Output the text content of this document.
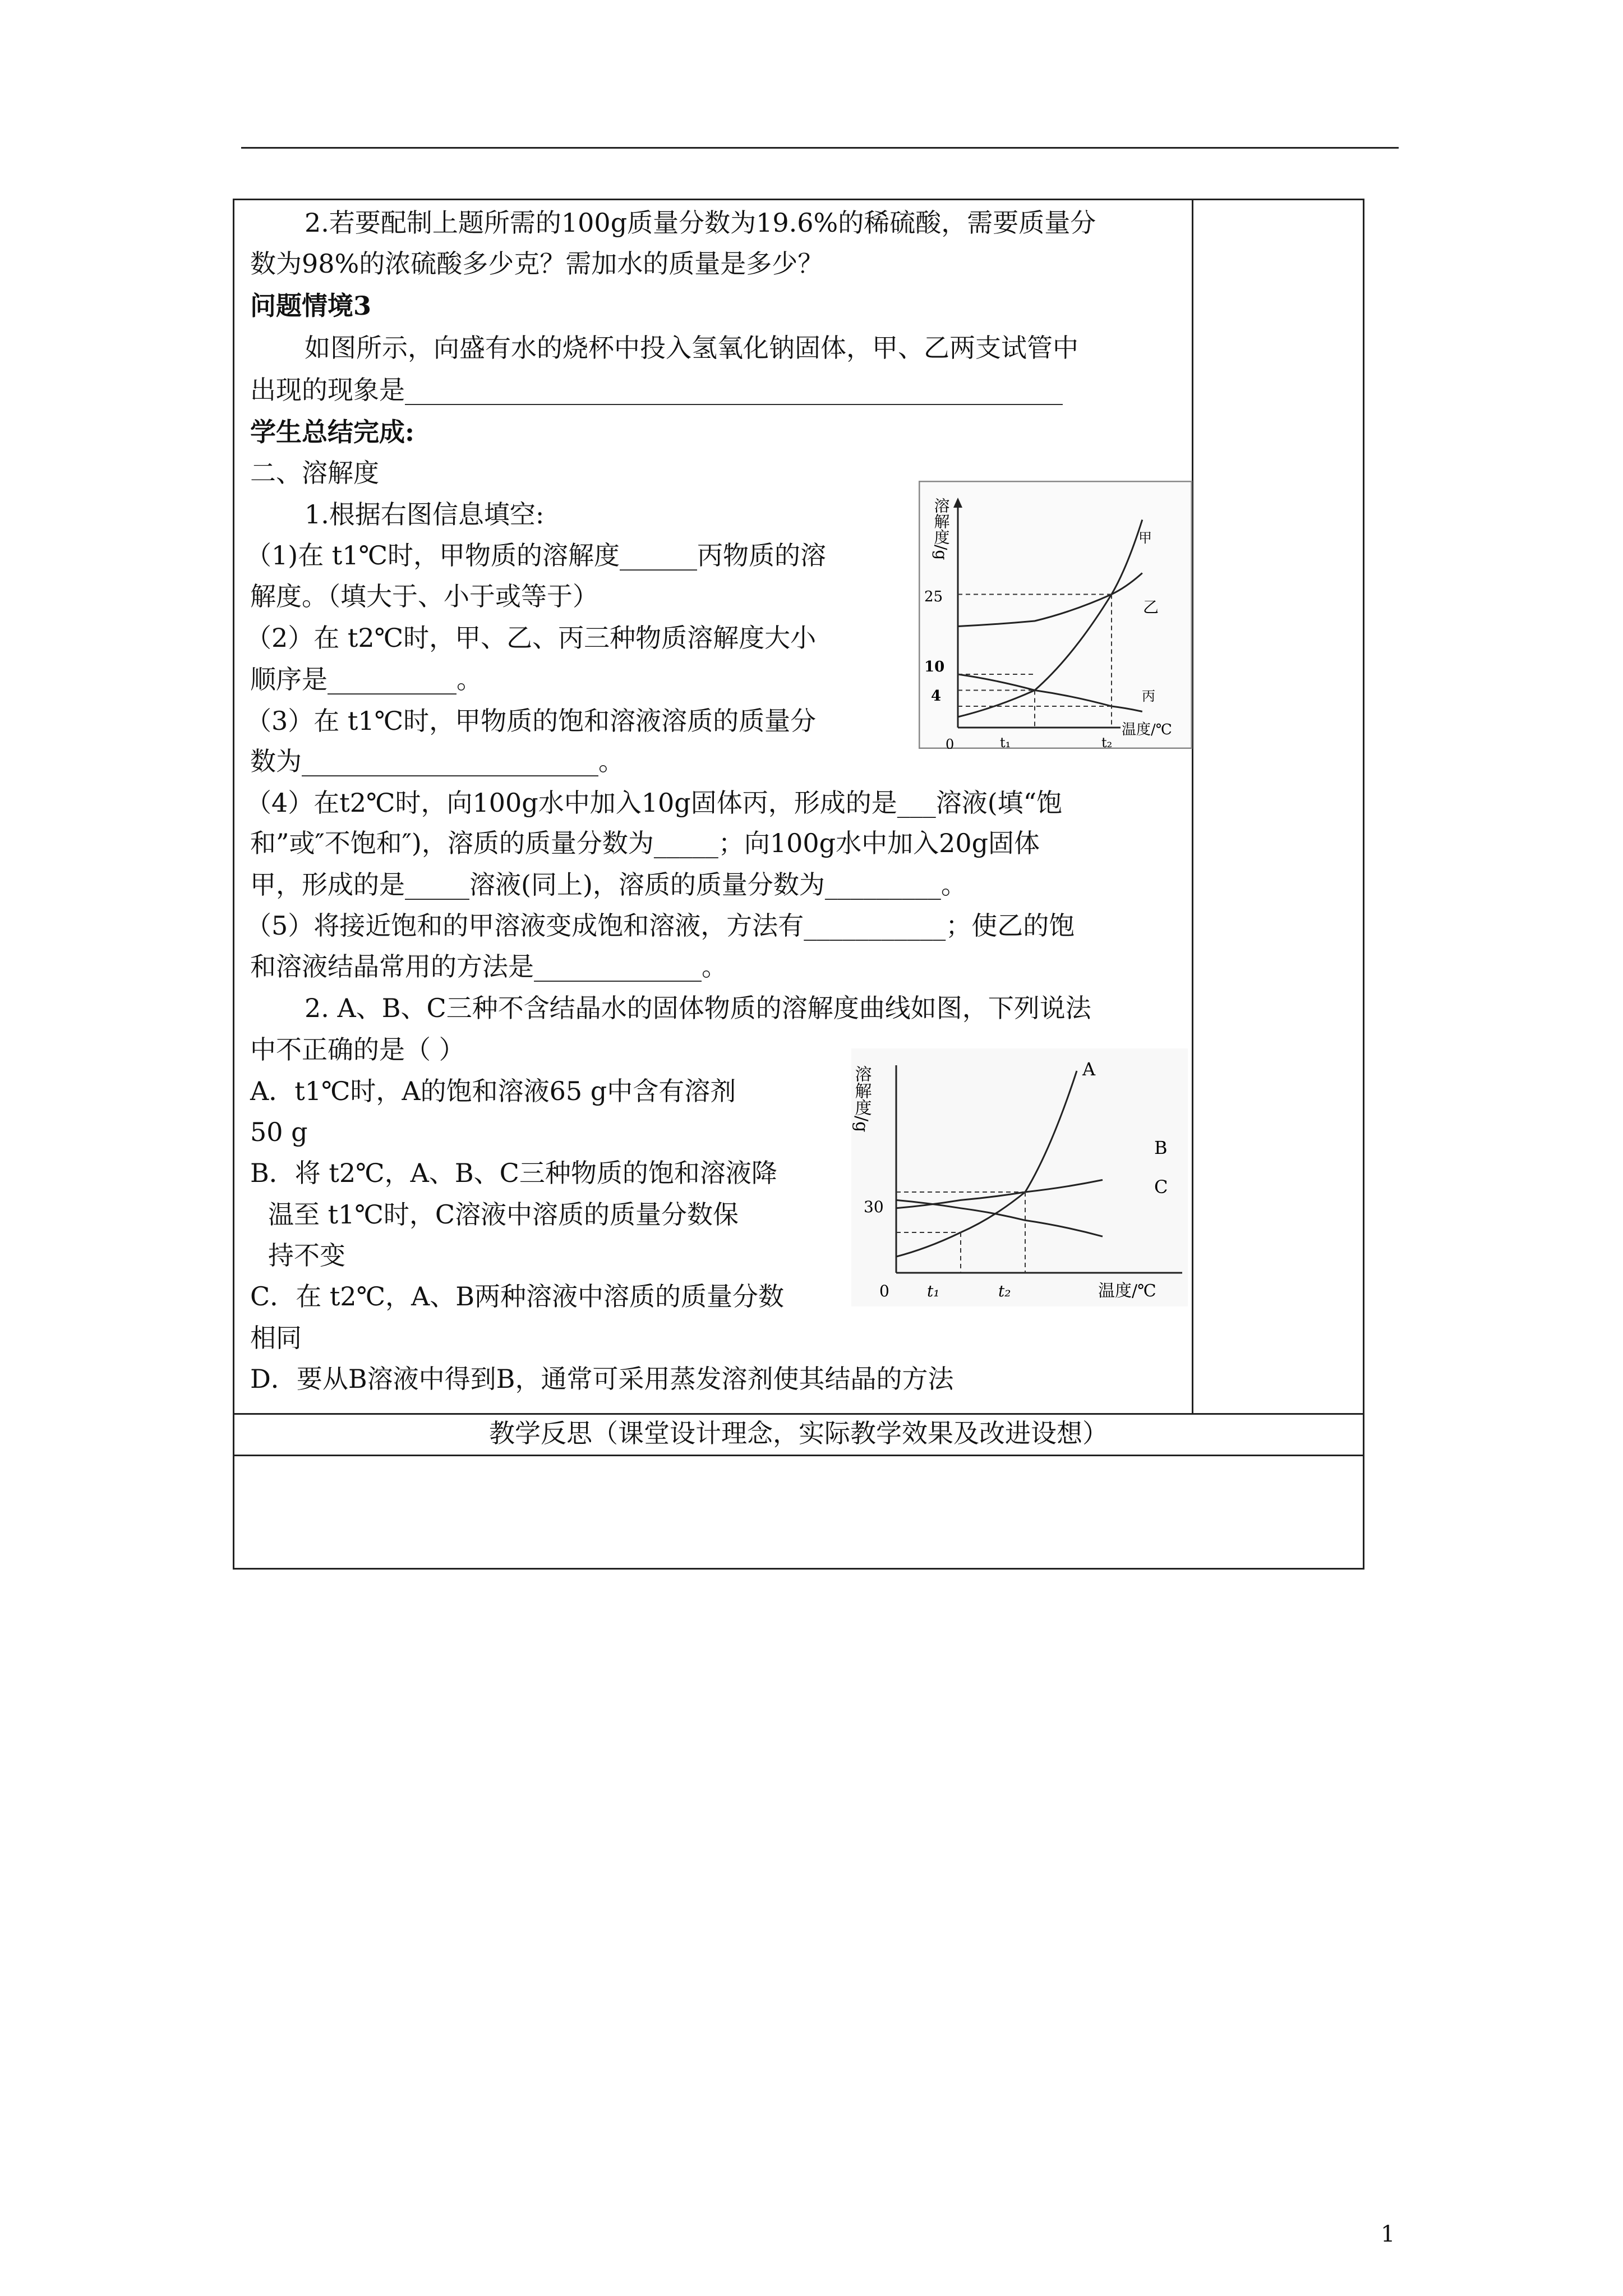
2.若要配制上题所需的100g质量分数为19.6%的稀硫酸，需要质量分
数为98%的浓硫酸多少克？需加水的质量是多少？
问题情境3
如图所示，向盛有水的烧杯中投入氢氧化钠固体，甲、乙两支试管中
出现的现象是___________________________________________________
学生总结完成:
二、溶解度
1.根据右图信息填空:
（1)在 t1℃时，甲物质的溶解度______丙物质的溶
解度。（填大于、小于或等于）
（2）在 t2℃时，甲、乙、丙三种物质溶解度大小
顺序是__________。
（3）在 t1℃时，甲物质的饱和溶液溶质的质量分
数为_______________________。
（4）在t2℃时，向100g水中加入10g固体丙，形成的是___溶液(填“饱
和”或″不饱和″)，溶质的质量分数为_____；向100g水中加入20g固体
甲，形成的是_____溶液(同上)，溶质的质量分数为_________。
（5）将接近饱和的甲溶液变成饱和溶液，方法有___________；使乙的饱
和溶液结晶常用的方法是_____________。
2. A、B、C三种不含结晶水的固体物质的溶解度曲线如图，下列说法
中不正确的是（ ）
A．t1℃时，A的饱和溶液65 g中含有溶剂
50 g
B．将 t2℃，A、B、C三种物质的饱和溶液降
温至 t1℃时，C溶液中溶质的质量分数保
持不变
C．在 t2℃，A、B两种溶液中溶质的质量分数
相同
D．要从B溶液中得到B，通常可采用蒸发溶剂使其结晶的方法
教学反思（课堂设计理念，实际教学效果及改进设想）
溶解度/g
温度/℃
0	t₁	t₂
4
10
25
甲
乙
丙
溶解度/g
温度/℃
0 t₁	t₂
30
A
B
C
1
